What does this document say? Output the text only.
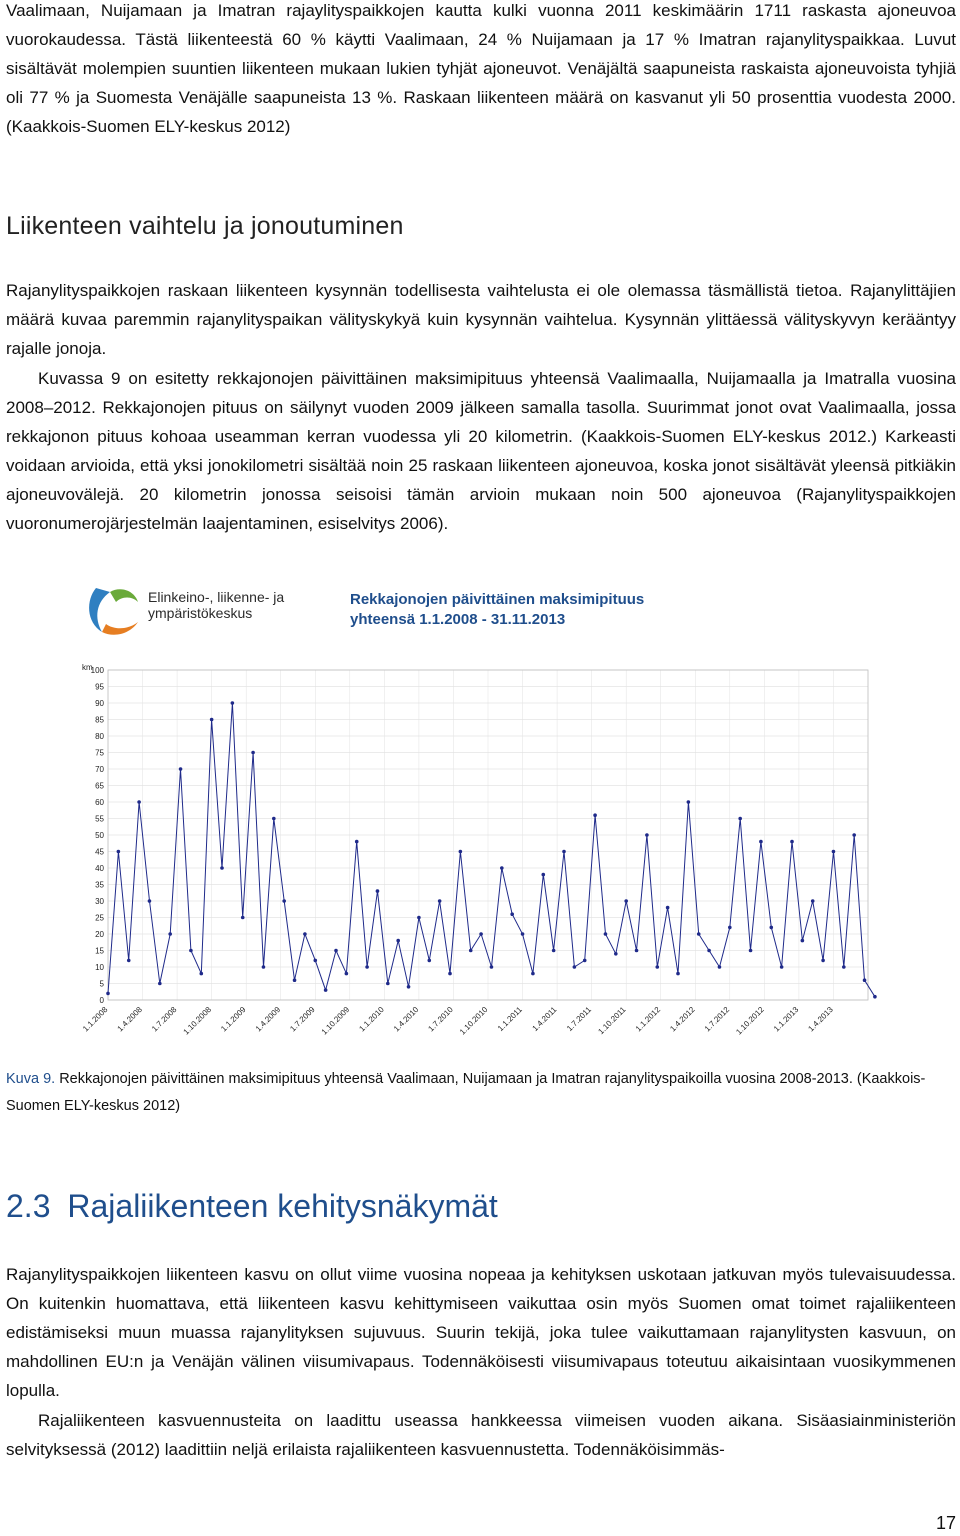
Vaalimaan, Nuijamaan ja Imatran rajaylityspaikkojen kautta kulki vuonna 2011 keskimäärin 1711 raskasta ajoneuvoa vuorokaudessa. Tästä liikenteestä 60 % käytti Vaalimaan, 24 % Nuijamaan ja 17 % Imatran rajanylityspaikkaa. Luvut sisältävät molempien suuntien liikenteen mukaan lukien tyhjät ajoneuvot. Venäjältä saapuneista raskaista ajoneuvoista tyhjiä oli 77 % ja Suomesta Venäjälle saapuneista 13 %. Raskaan liikenteen määrä on kasvanut yli 50 prosenttia vuodesta 2000. (Kaakkois-Suomen ELY-keskus 2012)
Liikenteen vaihtelu ja jonoutuminen
Rajanylityspaikkojen raskaan liikenteen kysynnän todellisesta vaihtelusta ei ole olemassa täsmällistä tietoa. Rajanylittäjien määrä kuvaa paremmin rajanylityspaikan välityskykyä kuin kysynnän vaihtelua. Kysynnän ylittäessä välityskyvyn kerääntyy rajalle jonoja.
Kuvassa 9 on esitetty rekkajonojen päivittäinen maksimipituus yhteensä Vaalimaalla, Nuijamaalla ja Imatralla vuosina 2008–2012. Rekkajonojen pituus on säilynyt vuoden 2009 jälkeen samalla tasolla. Suurimmat jonot ovat Vaalimaalla, jossa rekkajonon pituus kohoaa useamman kerran vuodessa yli 20 kilometrin. (Kaakkois-Suomen ELY-keskus 2012.) Karkeasti voidaan arvioida, että yksi jonokilometri sisältää noin 25 raskaan liikenteen ajoneuvoa, koska jonot sisältävät yleensä pitkiäkin ajoneuvovälejä. 20 kilometrin jonossa seisoisi tämän arvioin mukaan noin 500 ajoneuvoa (Rajanylityspaikkojen vuoronumerojärjestelmän laajentaminen, esiselvitys 2006).
Elinkeino-, liikenne- ja
ympäristökeskus
Rekkajonojen päivittäinen maksimipituus
yhteensä 1.1.2008 - 31.11.2013
km
100
95
90
85
80
75
70
65
60
55
50
45
40
35
30
25
20
15
10
5
0
1.1.2008 1.4.2008 1.7.2008 1.10.2008 1.1.2009 1.4.2009 1.7.2009 1.10.2009 1.1.2010 1.4.2010 1.7.2010 1.10.2010 1.1.2011 1.4.2011 1.7.2011 1.10.2011 1.1.2012 1.4.2012 1.7.2012 1.10.2012 1.1.2013 1.4.2013
Kuva 9. Rekkajonojen päivittäinen maksimipituus yhteensä Vaalimaan, Nuijamaan ja Imatran rajanylityspaikoilla vuosina 2008-2013. (Kaakkois-Suomen ELY-keskus 2012)
2.3 Rajaliikenteen kehitysnäkymät
Rajanylityspaikkojen liikenteen kasvu on ollut viime vuosina nopeaa ja kehityksen uskotaan jatkuvan myös tulevaisuudessa. On kuitenkin huomattava, että liikenteen kasvu kehittymiseen vaikuttaa osin myös Suomen omat toimet rajaliikenteen edistämiseksi muun muassa rajanylityksen sujuvuus. Suurin tekijä, joka tulee vaikuttamaan rajanylitysten kasvuun, on mahdollinen EU:n ja Venäjän välinen viisumivapaus. Todennäköisesti viisumivapaus toteutuu aikaisintaan vuosikymmenen lopulla.
Rajaliikenteen kasvuennusteita on laadittu useassa hankkeessa viimeisen vuoden aikana. Sisäasiainministeriön selvityksessä (2012) laadittiin neljä erilaista rajaliikenteen kasvuennustetta. Todennäköisimmäs-
17
